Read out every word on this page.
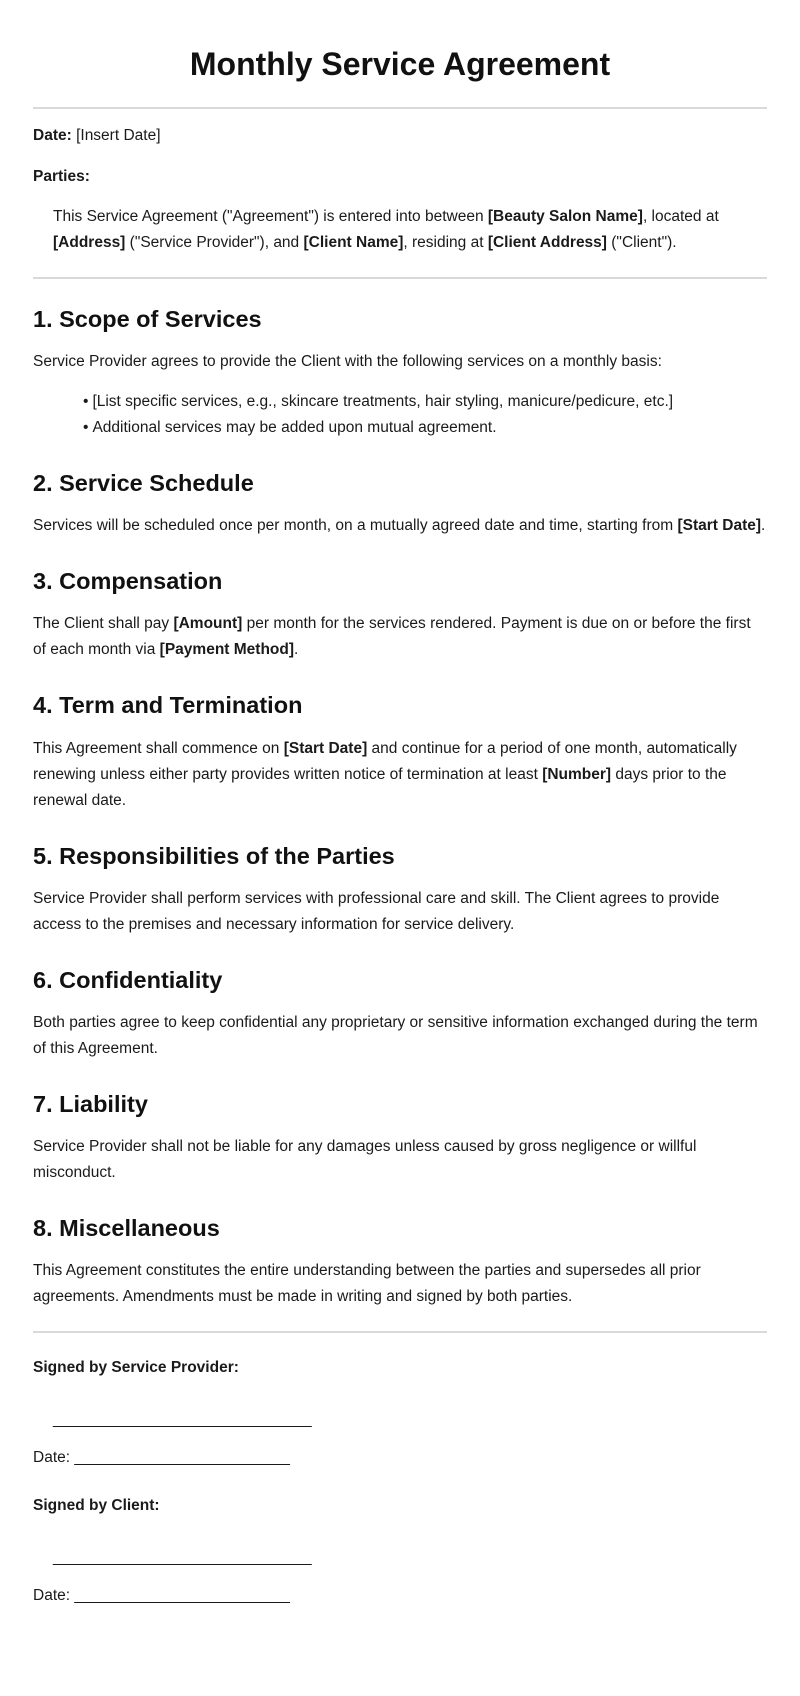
Monthly Service Agreement

Date: [Insert Date]

Parties:

This Service Agreement ("Agreement") is entered into between [Beauty Salon Name], located at [Address] ("Service Provider"), and [Client Name], residing at [Client Address] ("Client").

1. Scope of Services

Service Provider agrees to provide the Client with the following services on a monthly basis:

• [List specific services, e.g., skincare treatments, hair styling, manicure/pedicure, etc.]
• Additional services may be added upon mutual agreement.
2. Service Schedule

Services will be scheduled once per month, on a mutually agreed date and time, starting from [Start Date].

3. Compensation

The Client shall pay [Amount] per month for the services rendered. Payment is due on or before the first of each month via [Payment Method].

4. Term and Termination

This Agreement shall commence on [Start Date] and continue for a period of one month, automatically renewing unless either party provides written notice of termination at least [Number] days prior to the renewal date.

5. Responsibilities of the Parties

Service Provider shall perform services with professional care and skill. The Client agrees to provide access to the premises and necessary information for service delivery.

6. Confidentiality

Both parties agree to keep confidential any proprietary or sensitive information exchanged during the term of this Agreement.

7. Liability

Service Provider shall not be liable for any damages unless caused by gross negligence or willful misconduct.

8. Miscellaneous

This Agreement constitutes the entire understanding between the parties and supersedes all prior agreements. Amendments must be made in writing and signed by both parties.

Signed by Service Provider:

______________________________

Date: _________________________

Signed by Client:

______________________________

Date: _________________________
